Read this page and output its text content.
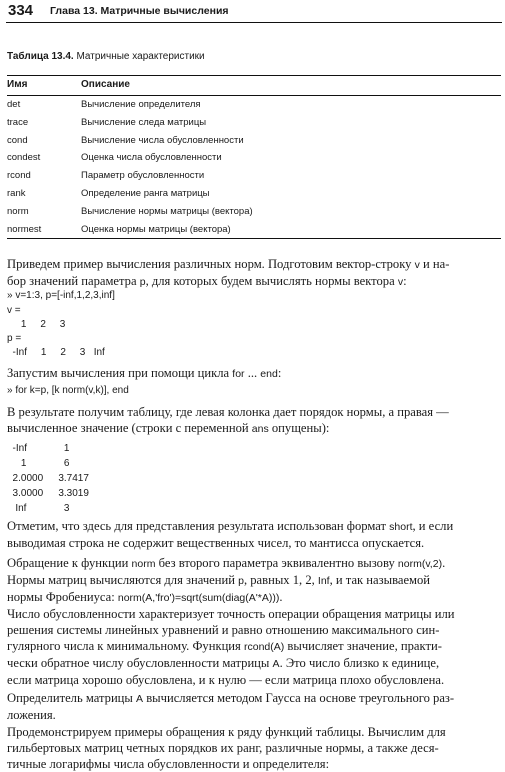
334 Глава 13. Матричные вычисления
Таблица 13.4. Матричные характеристики
Имя	Описание
det	Вычисление определителя
trace	Вычисление следа матрицы
cond	Вычисление числа обусловленности
condest	Оценка числа обусловленности
rcond	Параметр обусловленности
rank	Определение ранга матрицы
norm	Вычисление нормы матрицы (вектора)
normest	Оценка нормы матрицы (вектора)
Приведем пример вычисления различных норм. Подготовим вектор-строку v и на-
бор значений параметра p, для которых будем вычислять нормы вектора v:
» v=1:3, p=[-inf,1,2,3,inf]
v =
1     2     3
p =
-Inf     1     2     3   Inf
Запустим вычисления при помощи цикла for ... end:
» for k=p, [k norm(v,k)], end
В результате получим таблицу, где левая колонка дает порядок нормы, а правая —
вычисленное значение (строки с переменной ans опущены):
-Inf 1
1 6
2.0000 3.7417
3.0000 3.3019
Inf 3
Отметим, что здесь для представления результата использован формат short, и если
выводимая строка не содержит вещественных чисел, то мантисса опускается.
Обращение к функции norm без второго параметра эквивалентно вызову norm(v,2).
Нормы матриц вычисляются для значений p, равных 1, 2, Inf, и так называемой
нормы Фробениуса: norm(A,'fro')=sqrt(sum(diag(A'*A))).
Число обусловленности характеризует точность операции обращения матрицы или
решения системы линейных уравнений и равно отношению максимального син-
гулярного числа к минимальному. Функция rcond(A) вычисляет значение, практи-
чески обратное числу обусловленности матрицы A. Это число близко к единице,
если матрица хорошо обусловлена, и к нулю — если матрица плохо обусловлена.
Определитель матрицы A вычисляется методом Гаусса на основе треугольного раз-
ложения.
Продемонстрируем примеры обращения к ряду функций таблицы. Вычислим для
гильбертовых матриц четных порядков их ранг, различные нормы, а также деся-
тичные логарифмы числа обусловленности и определителя:
